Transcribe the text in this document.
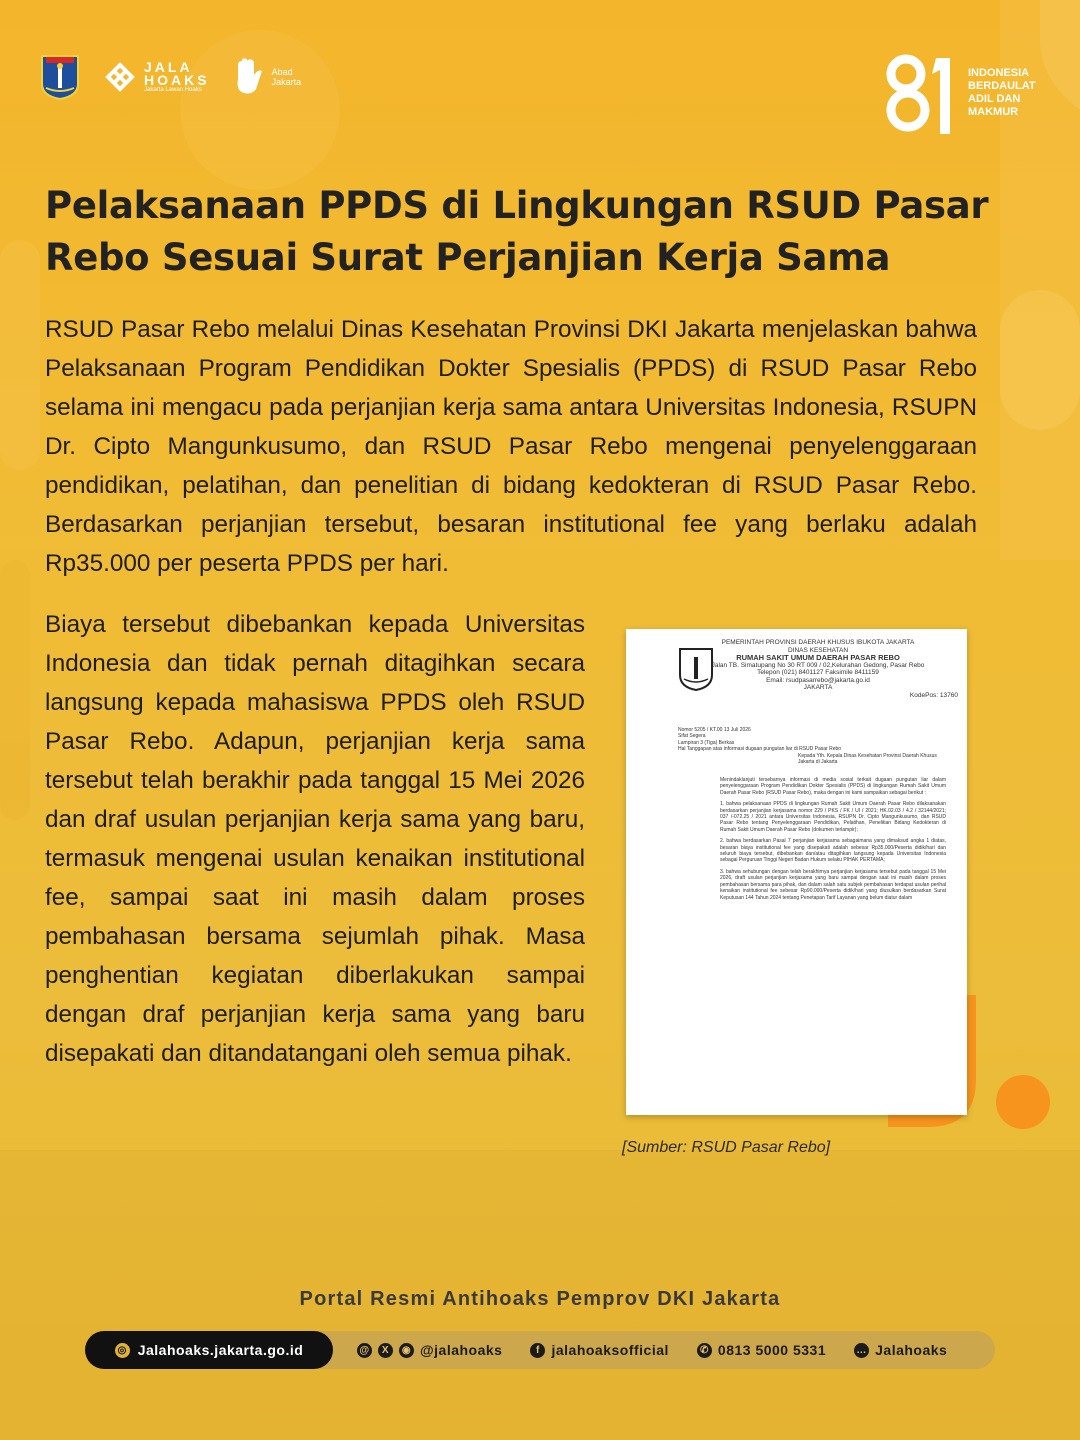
JALA
HOAKS
Jakarta Lawan Hoaks
Abad
Jakarta
INDONESIA
BERDAULAT
ADIL DAN
MAKMUR
Pelaksanaan PPDS di Lingkungan RSUD Pasar Rebo Sesuai Surat Perjanjian Kerja Sama

RSUD Pasar Rebo melalui Dinas Kesehatan Provinsi DKI Jakarta menjelaskan bahwa Pelaksanaan Program Pendidikan Dokter Spesialis (PPDS) di RSUD Pasar Rebo selama ini mengacu pada perjanjian kerja sama antara Universitas Indonesia, RSUPN Dr. Cipto Mangunkusumo, dan RSUD Pasar Rebo mengenai penyelenggaraan pendidikan, pelatihan, dan penelitian di bidang kedokteran di RSUD Pasar Rebo. Berdasarkan perjanjian tersebut, besaran institutional fee yang berlaku adalah Rp35.000 per peserta PPDS per hari.

Biaya tersebut dibebankan kepada Universitas Indonesia dan tidak pernah ditagihkan secara langsung kepada mahasiswa PPDS oleh RSUD Pasar Rebo. Adapun, perjanjian kerja sama tersebut telah berakhir pada tanggal 15 Mei 2026 dan draf usulan perjanjian kerja sama yang baru, termasuk mengenai usulan kenaikan institutional fee, sampai saat ini masih dalam proses pembahasan bersama sejumlah pihak. Masa penghentian kegiatan diberlakukan sampai dengan draf perjanjian kerja sama yang baru disepakati dan ditandatangani oleh semua pihak.

PEMERINTAH PROVINSI DAERAH KHUSUS IBUKOTA JAKARTA
DINAS KESEHATAN
RUMAH SAKIT UMUM DAERAH PASAR REBO
Jalan TB. Simatupang No 30 RT 009 / 02,Kelurahan Gedong, Pasar Rebo
Telepon (021) 8401127 Faksimile 8411159
Email: rsudpasarrebo@jakarta.go.id
JAKARTA
KodePos: 13760
Nomor 5205 / KT.00 13 Juli 2026
Sifat Segera
Lampiran 3 (Tiga) Berkas
Hal Tanggapan atas informasi dugaan pungutan liar di RSUD Pasar Rebo
Kepada Yth. Kepala Dinas Kesehatan Provinsi Daerah Khusus Jakarta di Jakarta

Menindaklanjuti tersebarnya informasi di media sosial terkait dugaan pungutan liar dalam penyelenggaraan Program Pendidikan Dokter Spesialis (PPDS) di lingkungan Rumah Sakit Umum Daerah Pasar Rebo (RSUD Pasar Rebo), maka dengan ini kami sampaikan sebagai berikut :

1. bahwa pelaksanaan PPDS di lingkungan Rumah Sakit Umum Daerah Pasar Rebo dilaksanakan berdasarkan perjanjian kerjasama nomor 229 / PKS / FK / UI / 2021; HK.02.03 / 4.2 / 32144/2021; 037 /-072.25 / 2021 antara Universitas Indonesia, RSUPN Dr. Cipto Mangunkusumo, dan RSUD Pasar Rebo tentang Penyelenggaraan Pendidikan, Pelatihan, Penelitian Bidang Kedokteran di Rumah Sakit Umum Daerah Pasar Rebo (dokumen terlampir);

2. bahwa berdasarkan Pasal 7 perjanjian kerjasama sebagaimana yang dimaksud angka 1 diatas, besaran biaya institutional fee yang disepakati adalah sebesar Rp35.000/Peserta didik/hari dan seluruh biaya tersebut, dibebankan dan/atau ditagihkan langsung kepada Universitas Indonesia sebagai Perguruan Tinggi Negeri Badan Hukum selaku PIHAK PERTAMA;

3. bahwa sehubungan dengan telah berakhirnya perjanjian kerjasama tersebut pada tanggal 15 Mei 2026, draft usulan perjanjian kerjasama yang baru sampai dengan saat ini masih dalam proses pembahasan bersama para pihak, dan dalam salah satu subjek pembahasan terdapat usulan perihal kenaikan institutional fee sebesar Rp90.000/Peserta didik/hari yang diusulkan berdasarkan Surat Keputusan 144 Tahun 2024 tentang Penetapan Tarif Layanan yang belum diatur dalam

[Sumber: RSUD Pasar Rebo]
Portal Resmi Antihoaks Pemprov DKI Jakarta
◎ Jalahoaks.jakarta.go.id	@	X	◉ @jalahoaks	f jalahoaksofficial	✆ 0813 5000 5331	… Jalahoaks
